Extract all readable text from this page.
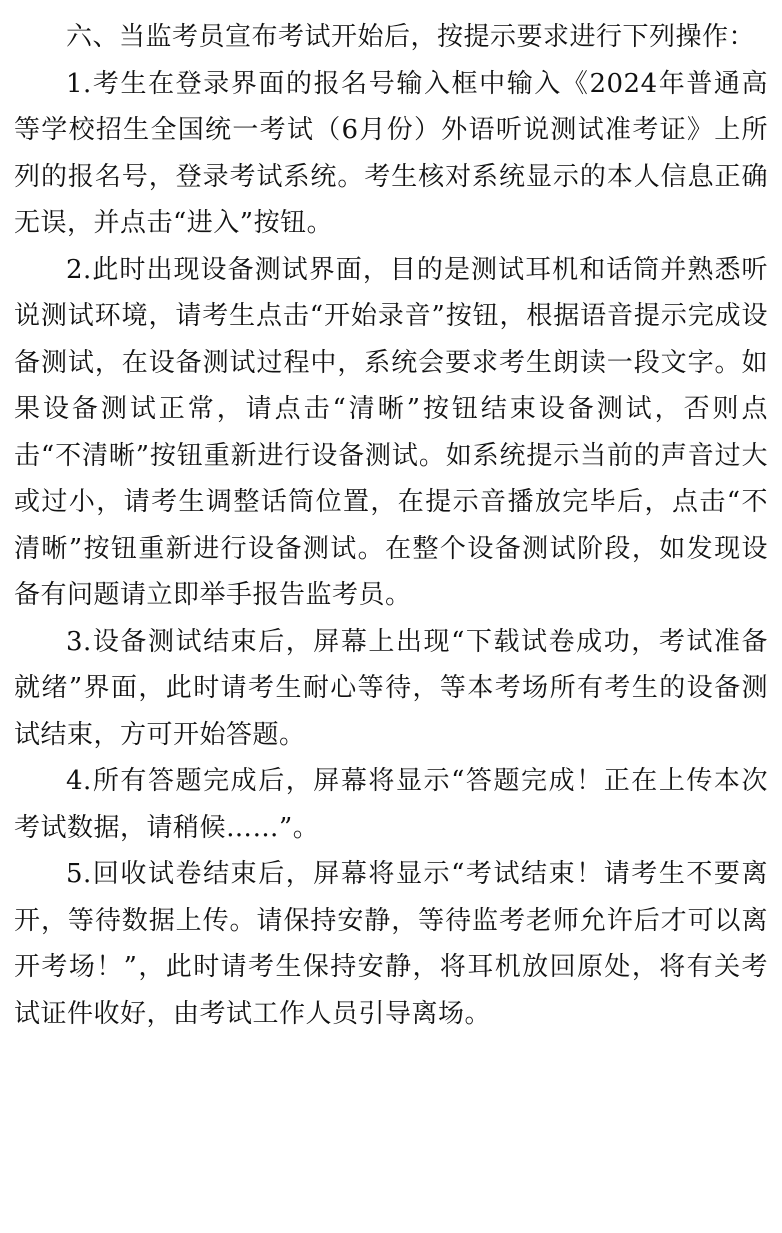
六、当监考员宣布考试开始后，按提示要求进行下列操作：

1.考生在登录界面的报名号输入框中输入《2024年普通高等学校招生全国统一考试（6月份）外语听说测试准考证》上所列的报名号，登录考试系统。考生核对系统显示的本人信息正确无误，并点击“进入”按钮。

2.此时出现设备测试界面，目的是测试耳机和话筒并熟悉听说测试环境，请考生点击“开始录音”按钮，根据语音提示完成设备测试，在设备测试过程中，系统会要求考生朗读一段文字。如果设备测试正常，请点击“清晰”按钮结束设备测试，否则点击“不清晰”按钮重新进行设备测试。如系统提示当前的声音过大或过小，请考生调整话筒位置，在提示音播放完毕后，点击“不清晰”按钮重新进行设备测试。在整个设备测试阶段，如发现设备有问题请立即举手报告监考员。

3.设备测试结束后，屏幕上出现“下载试卷成功，考试准备就绪”界面，此时请考生耐心等待，等本考场所有考生的设备测试结束，方可开始答题。

4.所有答题完成后，屏幕将显示“答题完成！正在上传本次考试数据，请稍候……”。

5.回收试卷结束后，屏幕将显示“考试结束！请考生不要离开，等待数据上传。请保持安静，等待监考老师允许后才可以离开考场！”，此时请考生保持安静，将耳机放回原处，将有关考试证件收好，由考试工作人员引导离场。
